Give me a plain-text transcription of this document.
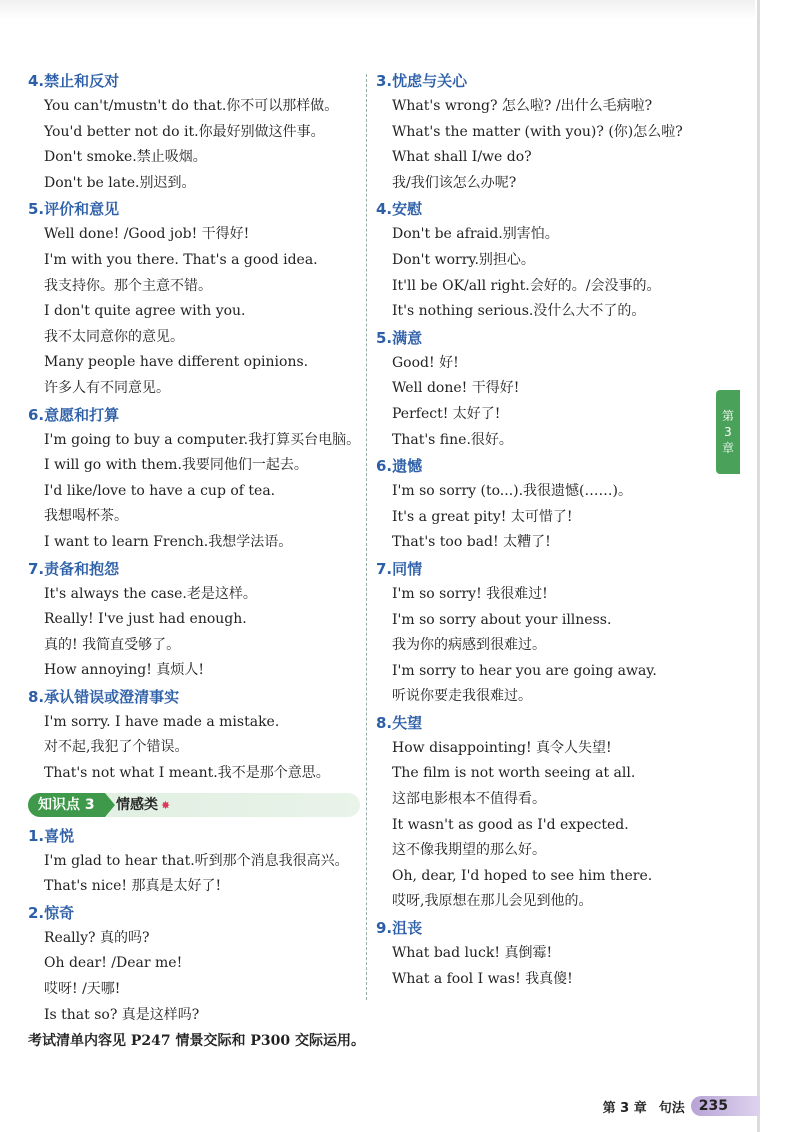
4.禁止和反对
You can't/mustn't do that.你不可以那样做。
You'd better not do it.你最好别做这件事。
Don't smoke.禁止吸烟。
Don't be late.别迟到。
5.评价和意见
Well done! /Good job! 干得好!
I'm with you there. That's a good idea.
我支持你。那个主意不错。
I don't quite agree with you.
我不太同意你的意见。
Many people have different opinions.
许多人有不同意见。
6.意愿和打算
I'm going to buy a computer.我打算买台电脑。
I will go with them.我要同他们一起去。
I'd like/love to have a cup of tea.
我想喝杯茶。
I want to learn French.我想学法语。
7.责备和抱怨
It's always the case.老是这样。
Really! I've just had enough.
真的! 我简直受够了。
How annoying! 真烦人!
8.承认错误或澄清事实
I'm sorry. I have made a mistake.
对不起,我犯了个错误。
That's not what I meant.我不是那个意思。
知识点 3	情感类 ✸
1.喜悦
I'm glad to hear that.听到那个消息我很高兴。
That's nice! 那真是太好了!
2.惊奇
Really? 真的吗?
Oh dear! /Dear me!
哎呀! /天哪!
Is that so? 真是这样吗?
3.忧虑与关心
What's wrong? 怎么啦? /出什么毛病啦?
What's the matter (with you)? (你)怎么啦?
What shall I/we do?
我/我们该怎么办呢?
4.安慰
Don't be afraid.别害怕。
Don't worry.别担心。
It'll be OK/all right.会好的。/会没事的。
It's nothing serious.没什么大不了的。
5.满意
Good! 好!
Well done! 干得好!
Perfect! 太好了!
That's fine.很好。
6.遗憾
I'm so sorry (to...).我很遗憾(……)。
It's a great pity! 太可惜了!
That's too bad! 太糟了!
7.同情
I'm so sorry! 我很难过!
I'm so sorry about your illness.
我为你的病感到很难过。
I'm sorry to hear you are going away.
听说你要走我很难过。
8.失望
How disappointing! 真令人失望!
The film is not worth seeing at all.
这部电影根本不值得看。
It wasn't as good as I'd expected.
这不像我期望的那么好。
Oh, dear, I'd hoped to see him there.
哎呀,我原想在那儿会见到他的。
9.沮丧
What bad luck! 真倒霉!
What a fool I was! 我真傻!
第
3
章
考试清单内容见 P247 情景交际和 P300 交际运用。
第 3 章 句法	235
